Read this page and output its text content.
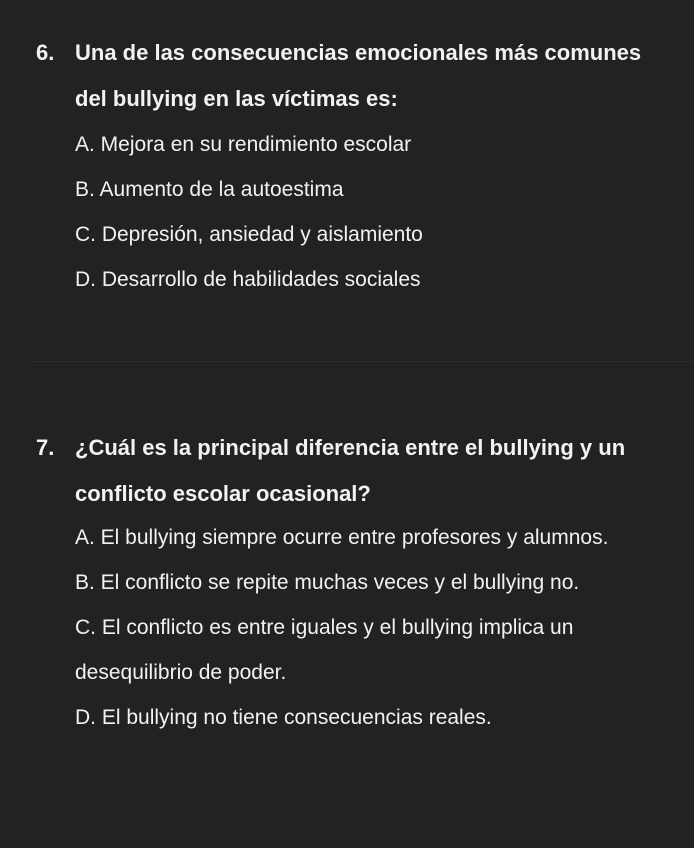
6. Una de las consecuencias emocionales más comunes del bullying en las víctimas es:
A. Mejora en su rendimiento escolar
B. Aumento de la autoestima
C. Depresión, ansiedad y aislamiento
D. Desarrollo de habilidades sociales
7. ¿Cuál es la principal diferencia entre el bullying y un conflicto escolar ocasional?
A. El bullying siempre ocurre entre profesores y alumnos.
B. El conflicto se repite muchas veces y el bullying no.
C. El conflicto es entre iguales y el bullying implica un desequilibrio de poder.
D. El bullying no tiene consecuencias reales.
